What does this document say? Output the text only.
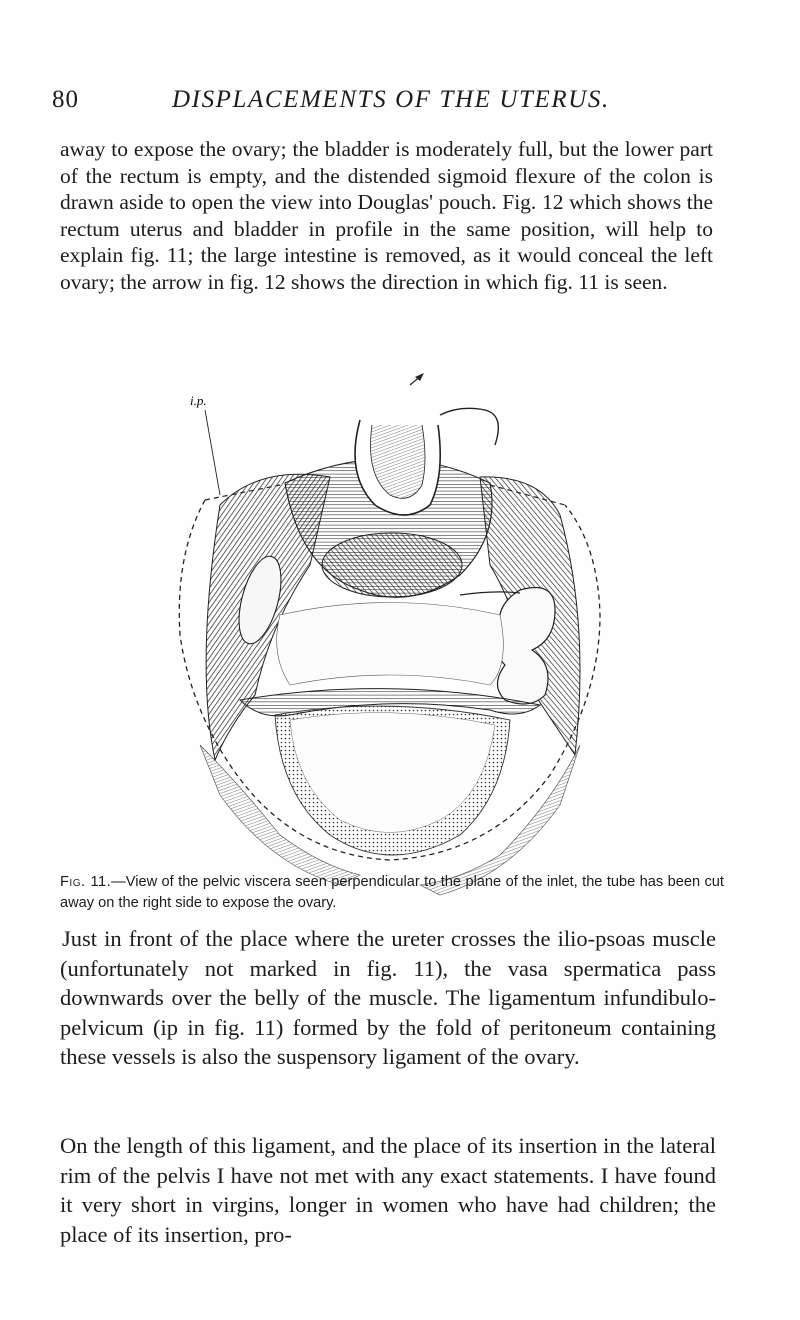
80	DISPLACEMENTS OF THE UTERUS.

away to expose the ovary; the bladder is moderately full, but the lower part of the rectum is empty, and the distended sigmoid flexure of the colon is drawn aside to open the view into Douglas' pouch. Fig. 12 which shows the rectum uterus and bladder in profile in the same position, will help to explain fig. 11; the large intestine is removed, as it would conceal the left ovary; the arrow in fig. 12 shows the direction in which fig. 11 is seen.

i.p.

Fig. 11.—View of the pelvic viscera seen perpendicular to the plane of the inlet, the tube has been cut away on the right side to expose the ovary.

Just in front of the place where the ureter crosses the ilio-psoas muscle (unfortunately not marked in fig. 11), the vasa spermatica pass downwards over the belly of the muscle. The ligamentum infundibulo-pelvicum (ip in fig. 11) formed by the fold of peritoneum containing these vessels is also the suspensory ligament of the ovary.

On the length of this ligament, and the place of its insertion in the lateral rim of the pelvis I have not met with any exact statements. I have found it very short in virgins, longer in women who have had children; the place of its insertion, pro-
